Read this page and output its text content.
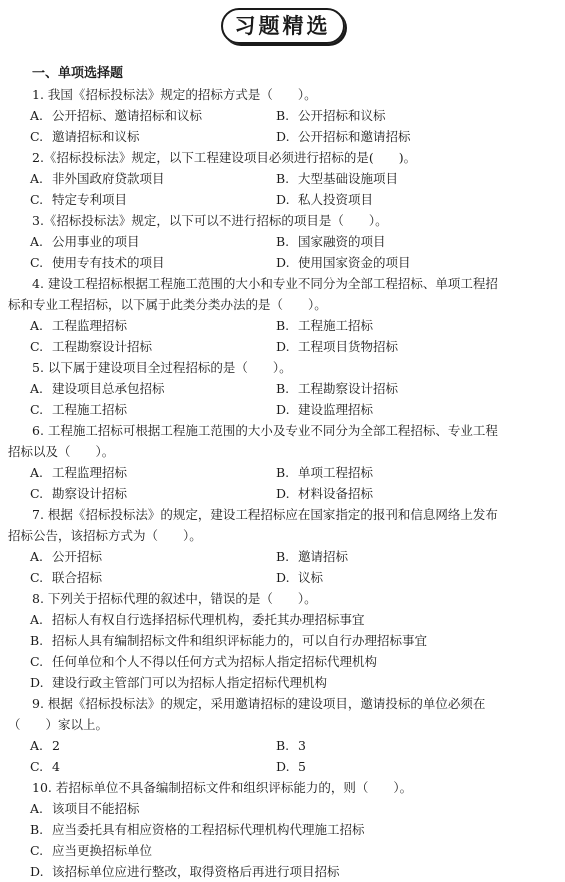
习题精选
一、单项选择题
1. 我国《招标投标法》规定的招标方式是（　　）。
A. 公开招标、邀请招标和议标	B. 公开招标和议标
C. 邀请招标和议标	D. 公开招标和邀请招标
2.《招标投标法》规定，以下工程建设项目必须进行招标的是(　　)。
A. 非外国政府贷款项目	B. 大型基础设施项目
C. 特定专利项目	D. 私人投资项目
3.《招标投标法》规定，以下可以不进行招标的项目是（　　）。
A. 公用事业的项目	B. 国家融资的项目
C. 使用专有技术的项目	D. 使用国家资金的项目
4. 建设工程招标根据工程施工范围的大小和专业不同分为全部工程招标、单项工程招
标和专业工程招标，以下属于此类分类办法的是（　　）。
A. 工程监理招标	B. 工程施工招标
C. 工程勘察设计招标	D. 工程项目货物招标
5. 以下属于建设项目全过程招标的是（　　）。
A. 建设项目总承包招标	B. 工程勘察设计招标
C. 工程施工招标	D. 建设监理招标
6. 工程施工招标可根据工程施工范围的大小及专业不同分为全部工程招标、专业工程
招标以及（　　）。
A. 工程监理招标	B. 单项工程招标
C. 勘察设计招标	D. 材料设备招标
7. 根据《招标投标法》的规定，建设工程招标应在国家指定的报刊和信息网络上发布
招标公告，该招标方式为（　　）。
A. 公开招标	B. 邀请招标
C. 联合招标	D. 议标
8. 下列关于招标代理的叙述中，错误的是（　　）。
A. 招标人有权自行选择招标代理机构，委托其办理招标事宜
B. 招标人具有编制招标文件和组织评标能力的，可以自行办理招标事宜
C. 任何单位和个人不得以任何方式为招标人指定招标代理机构
D. 建设行政主管部门可以为招标人指定招标代理机构
9. 根据《招标投标法》的规定，采用邀请招标的建设项目，邀请投标的单位必须在
（　　）家以上。
A. 2	B. 3
C. 4	D. 5
10. 若招标单位不具备编制招标文件和组织评标能力的，则（　　）。
A. 该项目不能招标
B. 应当委托具有相应资格的工程招标代理机构代理施工招标
C. 应当更换招标单位
D. 该招标单位应进行整改，取得资格后再进行项目招标
